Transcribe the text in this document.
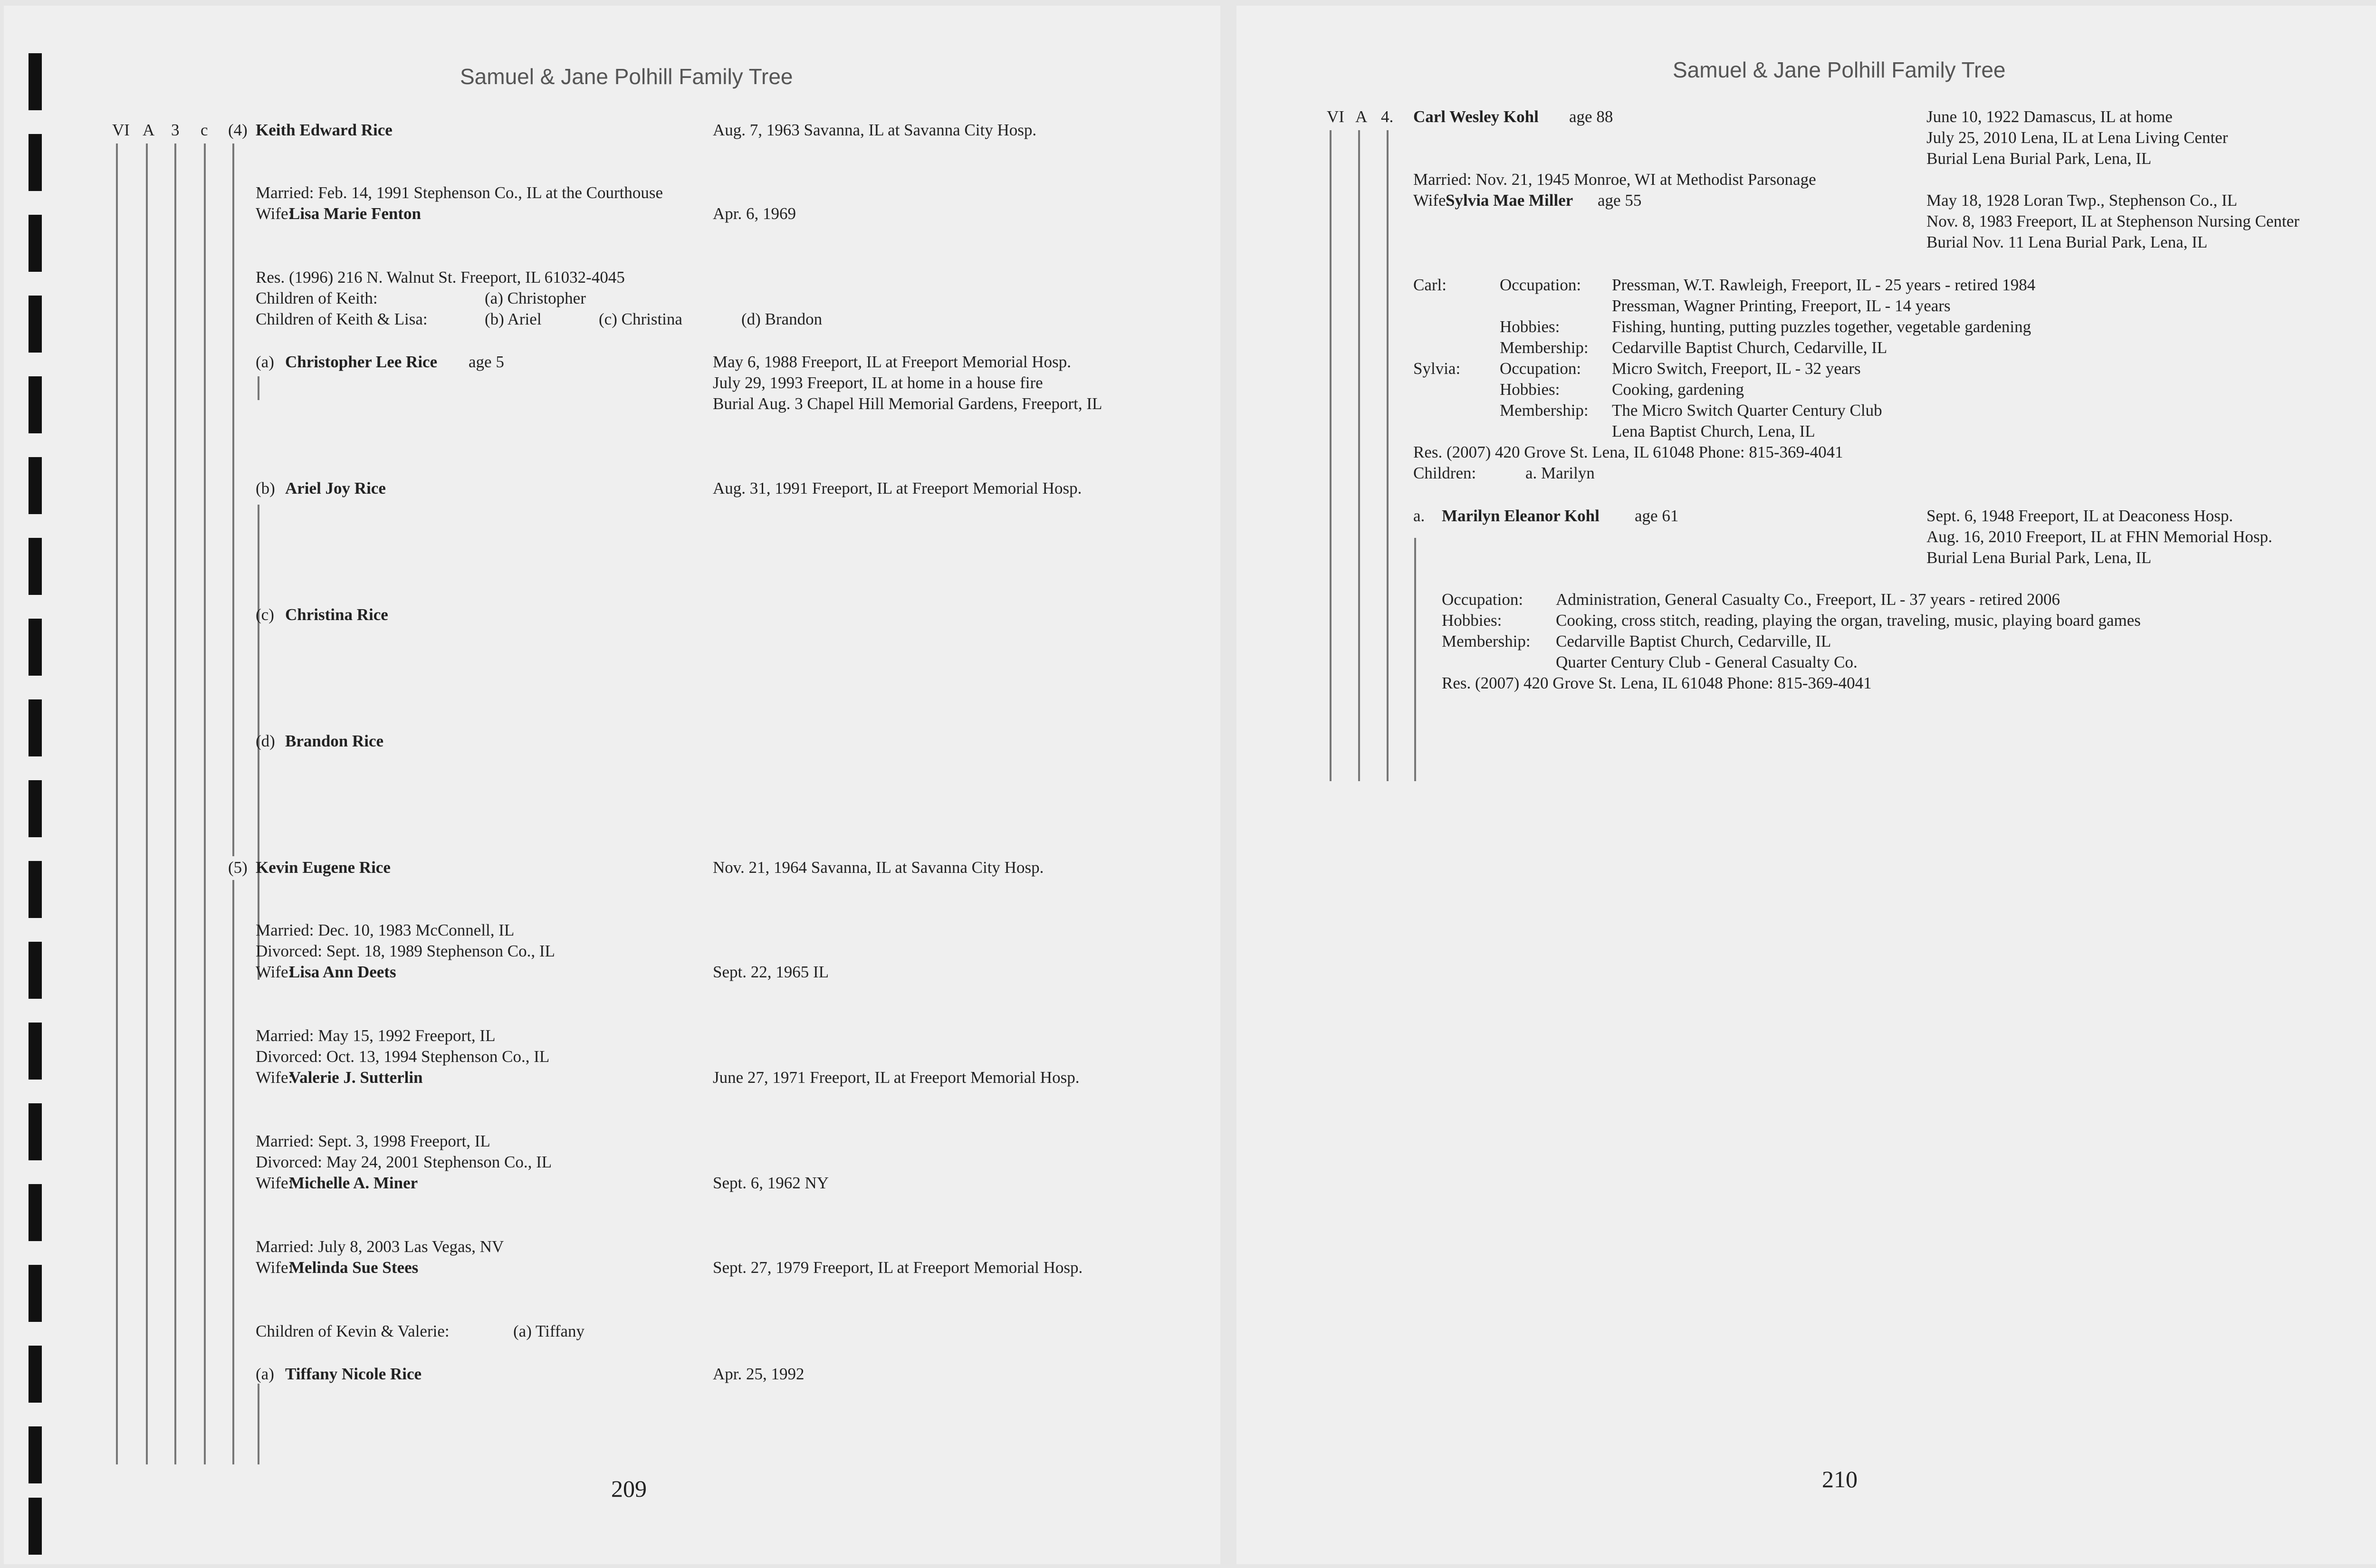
Samuel & Jane Polhill Family Tree
VI A 3 c (4) Keith Edward Rice	Aug. 7, 1963 Savanna, IL at Savanna City Hosp.
Married: Feb. 14, 1991 Stephenson Co., IL at the Courthouse
Wife:
Lisa Marie Fenton	Apr. 6, 1969
Res. (1996) 216 N. Walnut St. Freeport, IL 61032-4045
Children of Keith:	(a) Christopher
Children of Keith & Lisa:	(b) Ariel	(c) Christina	(d) Brandon
(a) Christopher Lee Rice age 5	May 6, 1988 Freeport, IL at Freeport Memorial Hosp.
July 29, 1993 Freeport, IL at home in a house fire
Burial Aug. 3 Chapel Hill Memorial Gardens, Freeport, IL
(b) Ariel Joy Rice	Aug. 31, 1991 Freeport, IL at Freeport Memorial Hosp.
(c) Christina Rice
(d) Brandon Rice
(5) Kevin Eugene Rice	Nov. 21, 1964 Savanna, IL at Savanna City Hosp.
Married: Dec. 10, 1983 McConnell, IL
Divorced: Sept. 18, 1989 Stephenson Co., IL
Wife:
Lisa Ann Deets	Sept. 22, 1965 IL
Married: May 15, 1992 Freeport, IL
Divorced: Oct. 13, 1994 Stephenson Co., IL
Wife:
Valerie J. Sutterlin	June 27, 1971 Freeport, IL at Freeport Memorial Hosp.
Married: Sept. 3, 1998 Freeport, IL
Divorced: May 24, 2001 Stephenson Co., IL
Wife:
Michelle A. Miner	Sept. 6, 1962 NY
Married: July 8, 2003 Las Vegas, NV
Wife:
Melinda Sue Stees	Sept. 27, 1979 Freeport, IL at Freeport Memorial Hosp.
Children of Kevin & Valerie:	(a) Tiffany
(a) Tiffany Nicole Rice	Apr. 25, 1992
209
Samuel & Jane Polhill Family Tree
VI A 4. Carl Wesley Kohl age 88	June 10, 1922 Damascus, IL at home
July 25, 2010 Lena, IL at Lena Living Center
Burial Lena Burial Park, Lena, IL
Married: Nov. 21, 1945 Monroe, WI at Methodist Parsonage
Wife:
Sylvia Mae Miller age 55	May 18, 1928 Loran Twp., Stephenson Co., IL
Nov. 8, 1983 Freeport, IL at Stephenson Nursing Center
Burial Nov. 11 Lena Burial Park, Lena, IL
Carl:	Occupation: Pressman, W.T. Rawleigh, Freeport, IL - 25 years - retired 1984
Pressman, Wagner Printing, Freeport, IL - 14 years
Hobbies:	Fishing, hunting, putting puzzles together, vegetable gardening
Membership: Cedarville Baptist Church, Cedarville, IL
Sylvia: Occupation: Micro Switch, Freeport, IL - 32 years
Hobbies:	Cooking, gardening
Membership: The Micro Switch Quarter Century Club
Lena Baptist Church, Lena, IL
Res. (2007) 420 Grove St. Lena, IL 61048 Phone: 815-369-4041
Children:	a. Marilyn
a. Marilyn Eleanor Kohl age 61	Sept. 6, 1948 Freeport, IL at Deaconess Hosp.
Aug. 16, 2010 Freeport, IL at FHN Memorial Hosp.
Burial Lena Burial Park, Lena, IL
Occupation: Administration, General Casualty Co., Freeport, IL - 37 years - retired 2006
Hobbies:	Cooking, cross stitch, reading, playing the organ, traveling, music, playing board games
Membership: Cedarville Baptist Church, Cedarville, IL
Quarter Century Club - General Casualty Co.
Res. (2007) 420 Grove St. Lena, IL 61048 Phone: 815-369-4041
210
